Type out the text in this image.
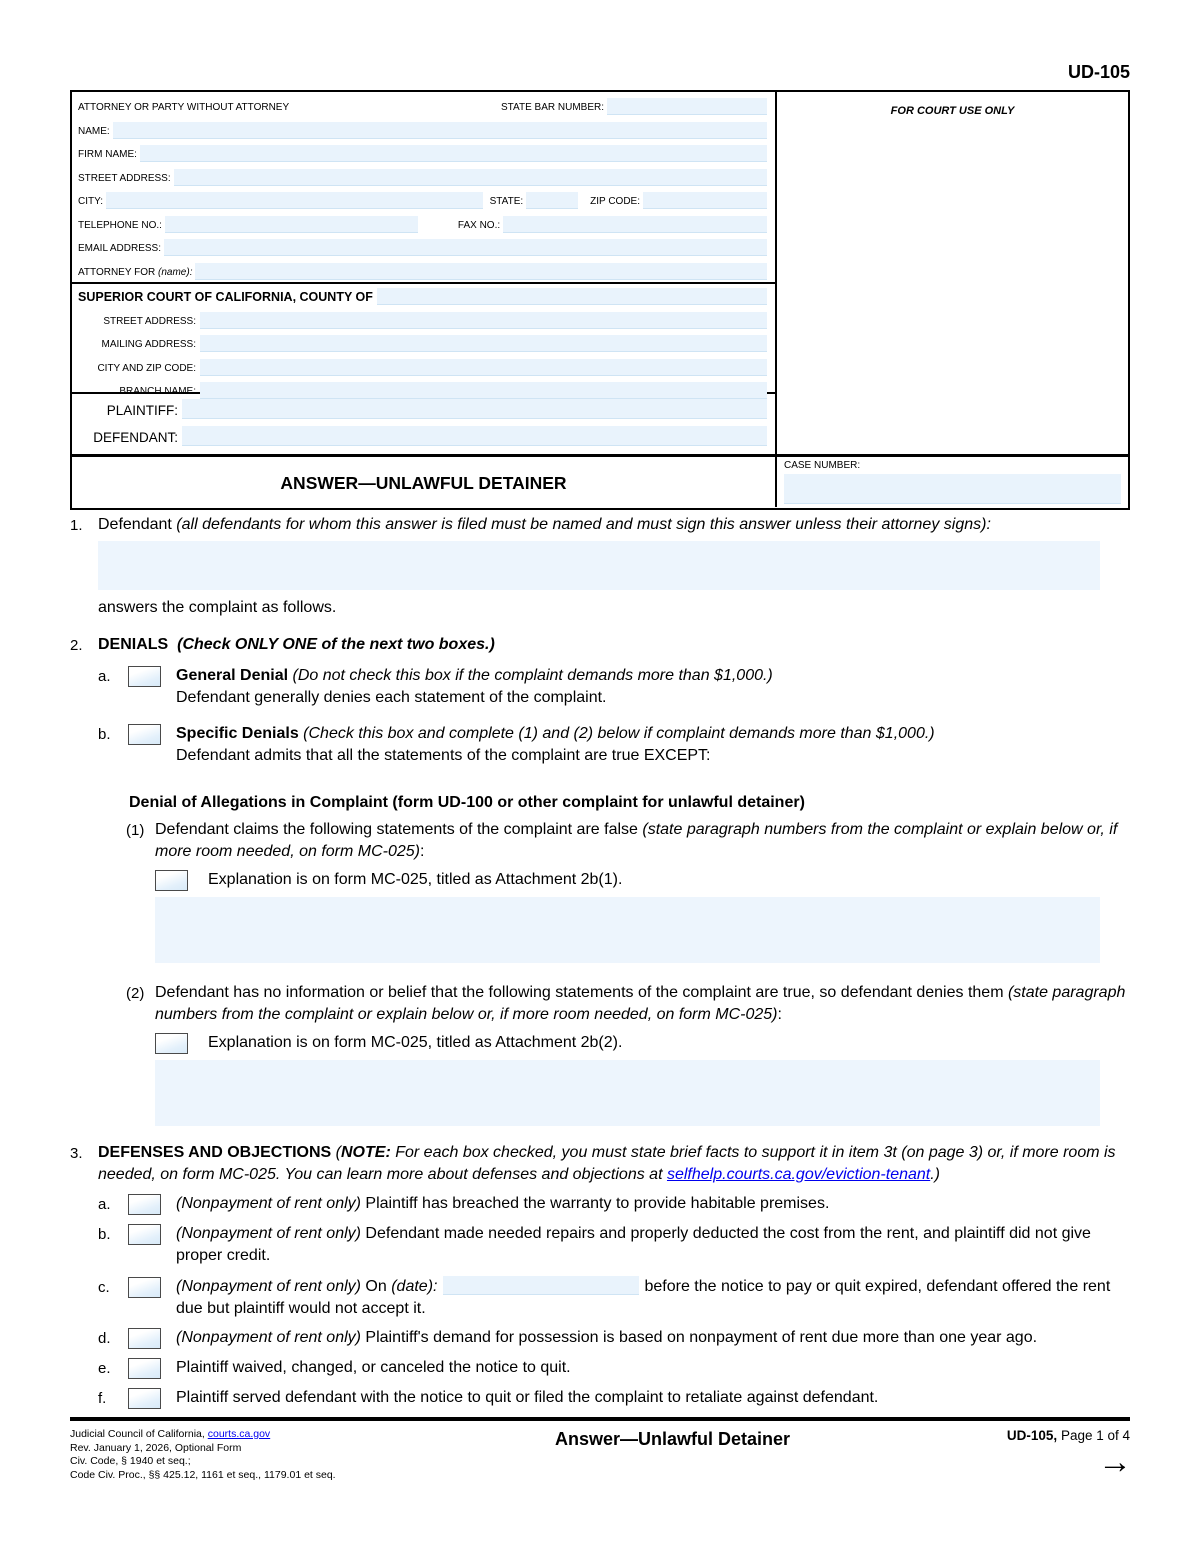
UD-105
ATTORNEY OR PARTY WITHOUT ATTORNEY	STATE BAR NUMBER:
NAME:
FIRM NAME:
STREET ADDRESS:
CITY:	STATE:	ZIP CODE:
TELEPHONE NO.:	FAX NO.:
EMAIL ADDRESS:
ATTORNEY FOR (name):
SUPERIOR COURT OF CALIFORNIA, COUNTY OF
STREET ADDRESS:
MAILING ADDRESS:
CITY AND ZIP CODE:
BRANCH NAME:
PLAINTIFF:
DEFENDANT:
FOR COURT USE ONLY
ANSWER—UNLAWFUL DETAINER
CASE NUMBER:
1. Defendant (all defendants for whom this answer is filed must be named and must sign this answer unless their attorney signs):
answers the complaint as follows.
2. DENIALS (Check ONLY ONE of the next two boxes.)
a.	General Denial (Do not check this box if the complaint demands more than $1,000.)
Defendant generally denies each statement of the complaint.
b.	Specific Denials (Check this box and complete (1) and (2) below if complaint demands more than $1,000.)
Defendant admits that all the statements of the complaint are true EXCEPT:
Denial of Allegations in Complaint (form UD-100 or other complaint for unlawful detainer)
(1) Defendant claims the following statements of the complaint are false (state paragraph numbers from the complaint or explain below or, if more room needed, on form MC-025):
Explanation is on form MC-025, titled as Attachment 2b(1).
(2) Defendant has no information or belief that the following statements of the complaint are true, so defendant denies them (state paragraph numbers from the complaint or explain below or, if more room needed, on form MC-025):
Explanation is on form MC-025, titled as Attachment 2b(2).
3. DEFENSES AND OBJECTIONS (NOTE: For each box checked, you must state brief facts to support it in item 3t (on page 3) or, if more room is needed, on form MC-025. You can learn more about defenses and objections at selfhelp.courts.ca.gov/eviction-tenant.)
a.	(Nonpayment of rent only) Plaintiff has breached the warranty to provide habitable premises.
b.	(Nonpayment of rent only) Defendant made needed repairs and properly deducted the cost from the rent, and plaintiff did not give proper credit.
c.	(Nonpayment of rent only) On (date):	before the notice to pay or quit expired, defendant offered the rent due but plaintiff would not accept it.
d.	(Nonpayment of rent only) Plaintiff's demand for possession is based on nonpayment of rent due more than one year ago.
e.	Plaintiff waived, changed, or canceled the notice to quit.
f.	Plaintiff served defendant with the notice to quit or filed the complaint to retaliate against defendant.
Judicial Council of California, courts.ca.gov
Rev. January 1, 2026, Optional Form
Civ. Code, § 1940 et seq.;
Code Civ. Proc., §§ 425.12, 1161 et seq., 1179.01 et seq.
Answer—Unlawful Detainer	UD-105, Page 1 of 4
→
